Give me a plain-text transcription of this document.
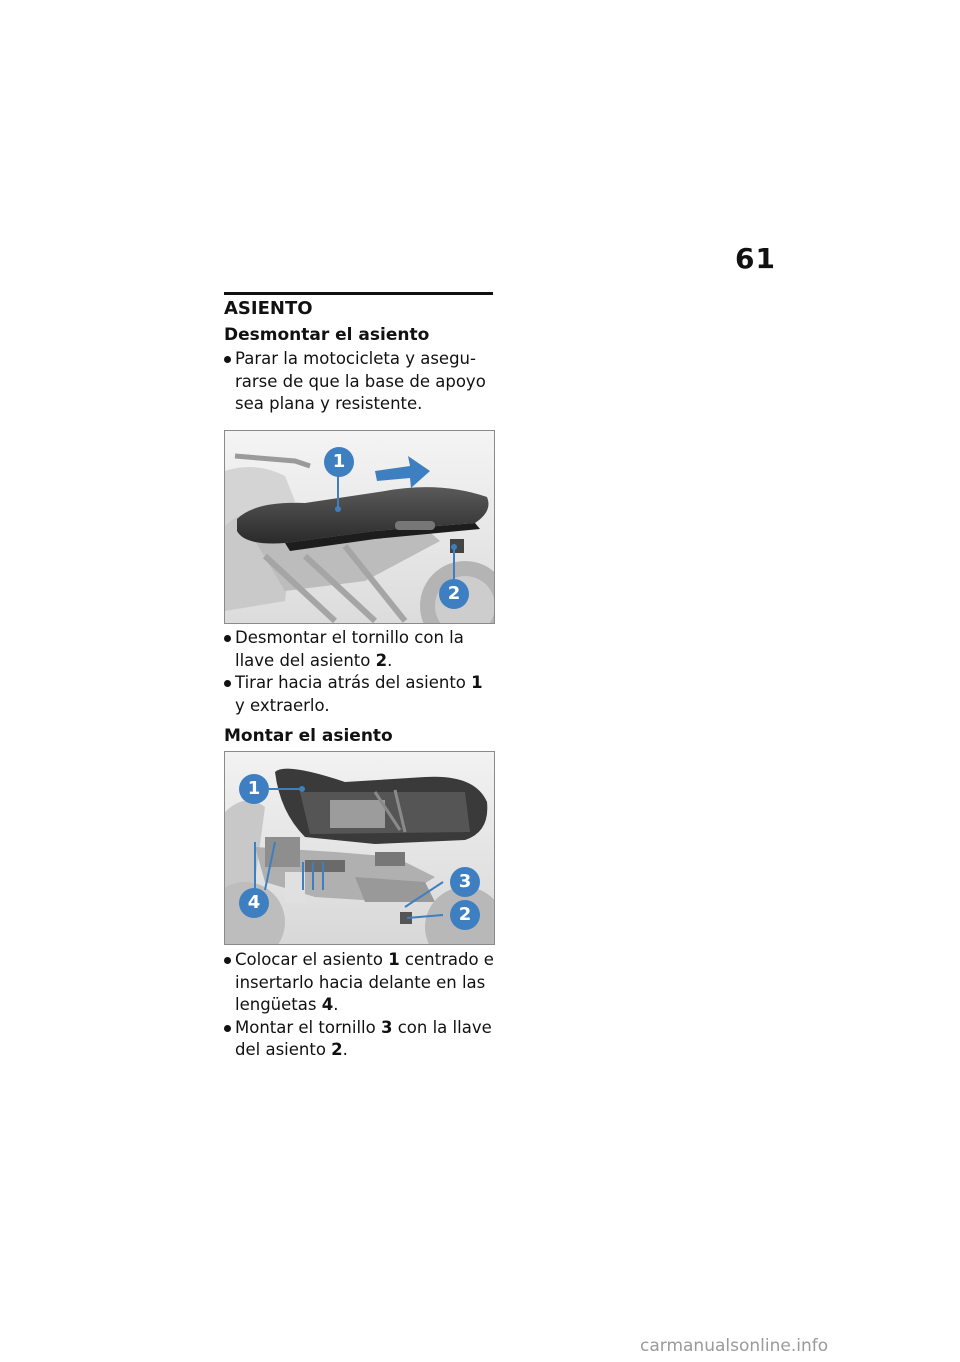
61
ASIENTO
Desmontar el asiento
Parar la motocicleta y asegu-rarse de que la base de apoyo sea plana y resistente.
1
2
Desmontar el tornillo con la llave del asiento 2.
Tirar hacia atrás del asiento 1 y extraerlo.
Montar el asiento
1
4
3
2
Colocar el asiento 1 centrado e insertarlo hacia delante en las lengüetas 4.
Montar el tornillo 3 con la llave del asiento 2.
carmanualsonline.info
